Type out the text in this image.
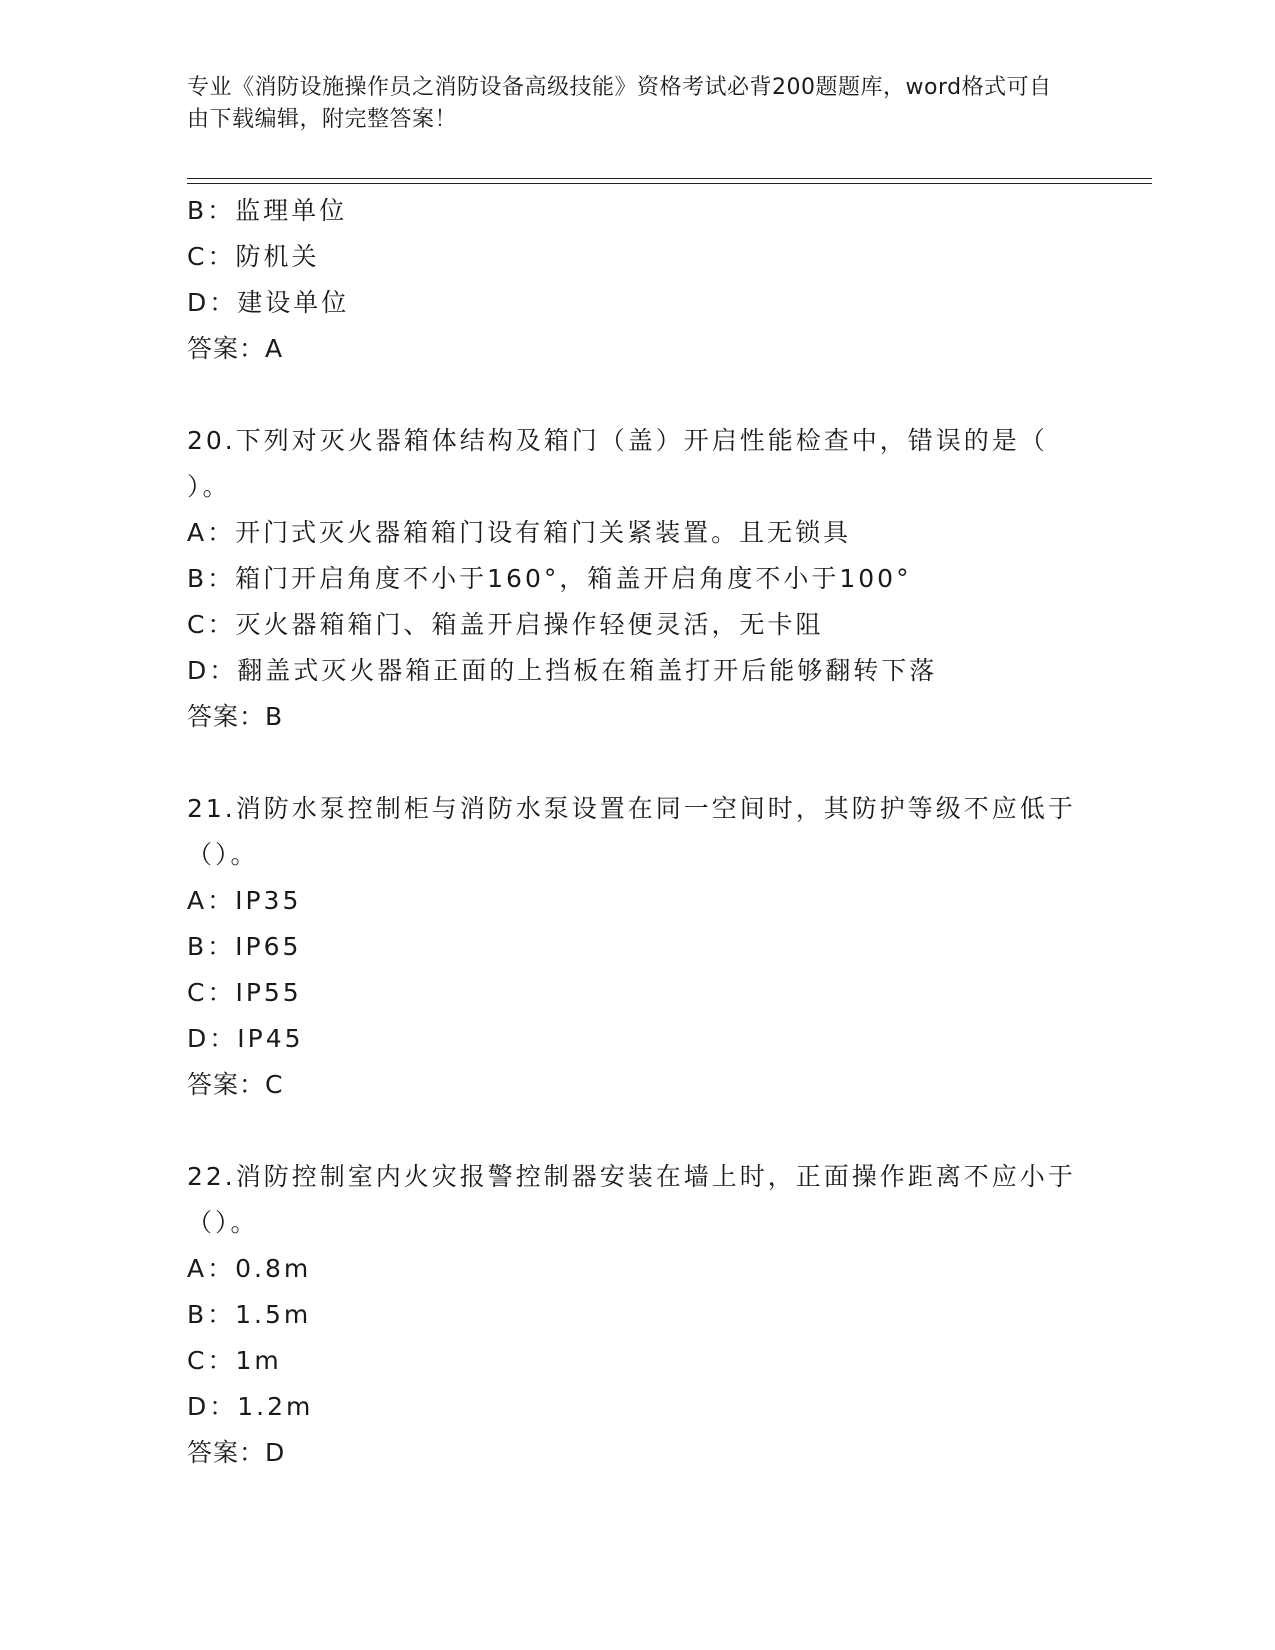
专业《消防设施操作员之消防设备高级技能》资格考试必背200题题库，word格式可自由下载编辑，附完整答案！
B：监理单位
C：防机关
D：建设单位
答案：A
20.下列对灭火器箱体结构及箱门（盖）开启性能检查中，错误的是（ ）。
A：开门式灭火器箱箱门设有箱门关紧装置。且无锁具
B：箱门开启角度不小于160°，箱盖开启角度不小于100°
C：灭火器箱箱门、箱盖开启操作轻便灵活，无卡阻
D：翻盖式灭火器箱正面的上挡板在箱盖打开后能够翻转下落
答案：B
21.消防水泵控制柜与消防水泵设置在同一空间时，其防护等级不应低于（）。
A：IP35
B：IP65
C：IP55
D：IP45
答案：C
22.消防控制室内火灾报警控制器安装在墙上时，正面操作距离不应小于（）。
A：0.8m
B：1.5m
C：1m
D：1.2m
答案：D
